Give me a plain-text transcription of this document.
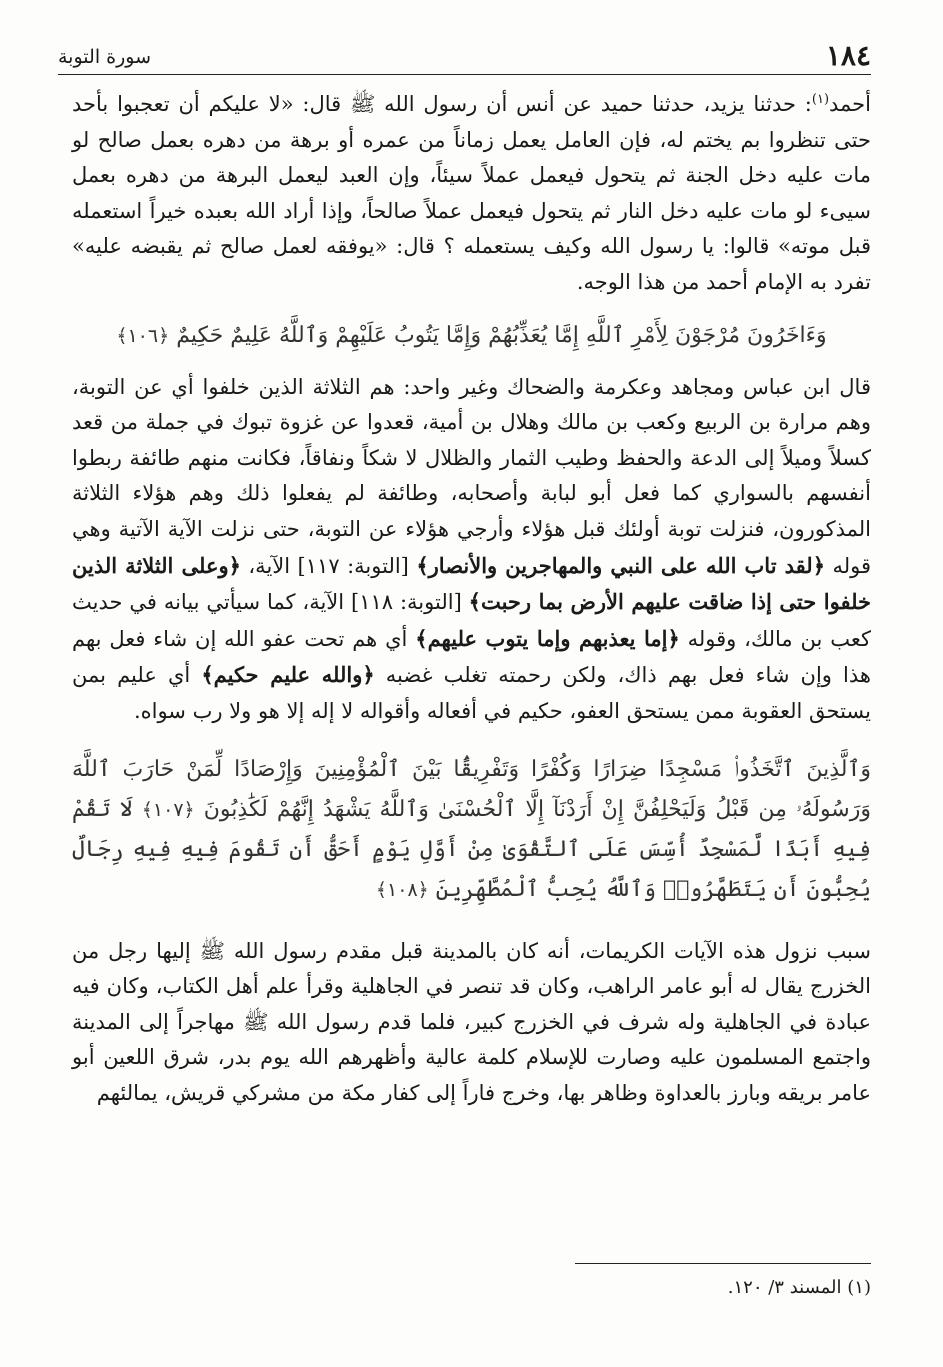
سورة التوبة	١٨٤

أحمد$^{(١)}$: حدثنا يزيد، حدثنا حميد عن أنس أن رسول الله ﷺ قال: «لا عليكم أن تعجبوا بأحد حتى تنظروا بم يختم له، فإن العامل يعمل زماناً من عمره أو برهة من دهره بعمل صالح لو مات عليه دخل الجنة ثم يتحول فيعمل عملاً سيئاً، وإن العبد ليعمل البرهة من دهره بعمل سيىء لو مات عليه دخل النار ثم يتحول فيعمل عملاً صالحاً، وإذا أراد الله بعبده خيراً استعمله قبل موته» قالوا: يا رسول الله وكيف يستعمله ؟ قال: «يوفقه لعمل صالح ثم يقبضه عليه» تفرد به الإمام أحمد من هذا الوجه.

وَءَاخَرُونَ مُرْجَوْنَ لِأَمْرِ ٱللَّهِ إِمَّا يُعَذِّبُهُمْ وَإِمَّا يَتُوبُ عَلَيْهِمْ وَٱللَّهُ عَلِيمٌ حَكِيمٌ ﴿١٠٦﴾

قال ابن عباس ومجاهد وعكرمة والضحاك وغير واحد: هم الثلاثة الذين خلفوا أي عن التوبة، وهم مرارة بن الربيع وكعب بن مالك وهلال بن أمية، قعدوا عن غزوة تبوك في جملة من قعد كسلاً وميلاً إلى الدعة والحفظ وطيب الثمار والظلال لا شكاً ونفاقاً، فكانت منهم طائفة ربطوا أنفسهم بالسواري كما فعل أبو لبابة وأصحابه، وطائفة لم يفعلوا ذلك وهم هؤلاء الثلاثة المذكورون، فنزلت توبة أولئك قبل هؤلاء وأرجي هؤلاء عن التوبة، حتى نزلت الآية الآتية وهي قوله ﴿لقد تاب الله على النبي والمهاجرين والأنصار﴾ [التوبة: ١١٧] الآية، ﴿وعلى الثلاثة الذين خلفوا حتى إذا ضاقت عليهم الأرض بما رحبت﴾ [التوبة: ١١٨] الآية، كما سيأتي بيانه في حديث كعب بن مالك، وقوله ﴿إما يعذبهم وإما يتوب عليهم﴾ أي هم تحت عفو الله إن شاء فعل بهم هذا وإن شاء فعل بهم ذاك، ولكن رحمته تغلب غضبه ﴿والله عليم حكيم﴾ أي عليم بمن يستحق العقوبة ممن يستحق العفو، حكيم في أفعاله وأقواله لا إله إلا هو ولا رب سواه.

وَٱلَّذِينَ ٱتَّخَذُوا۟ مَسْجِدًا ضِرَارًا وَكُفْرًا وَتَفْرِيقًۢا بَيْنَ ٱلْمُؤْمِنِينَ وَإِرْصَادًا لِّمَنْ حَارَبَ ٱللَّهَ وَرَسُولَهُۥ مِن قَبْلُ وَلَيَحْلِفُنَّ إِنْ أَرَدْنَآ إِلَّا ٱلْحُسْنَىٰ وَٱللَّهُ يَشْهَدُ إِنَّهُمْ لَكَٰذِبُونَ ﴿١٠٧﴾ لَا تَقُمْ فِيهِ أَبَدًا لَّمَسْجِدٌ أُسِّسَ عَلَى ٱلتَّقْوَىٰ مِنْ أَوَّلِ يَوْمٍ أَحَقُّ أَن تَقُومَ فِيهِ فِيهِ رِجَالٌ يُحِبُّونَ أَن يَتَطَهَّرُوا۟ وَٱللَّهُ يُحِبُّ ٱلْمُطَّهِّرِينَ ﴿١٠٨﴾

سبب نزول هذه الآيات الكريمات، أنه كان بالمدينة قبل مقدم رسول الله ﷺ إليها رجل من الخزرج يقال له أبو عامر الراهب، وكان قد تنصر في الجاهلية وقرأ علم أهل الكتاب، وكان فيه عبادة في الجاهلية وله شرف في الخزرج كبير، فلما قدم رسول الله ﷺ مهاجراً إلى المدينة واجتمع المسلمون عليه وصارت للإسلام كلمة عالية وأظهرهم الله يوم بدر، شرق اللعين أبو عامر بريقه وبارز بالعداوة وظاهر بها، وخرج فاراً إلى كفار مكة من مشركي قريش، يمالئهم

(١) المسند ٣/ ١٢٠.
